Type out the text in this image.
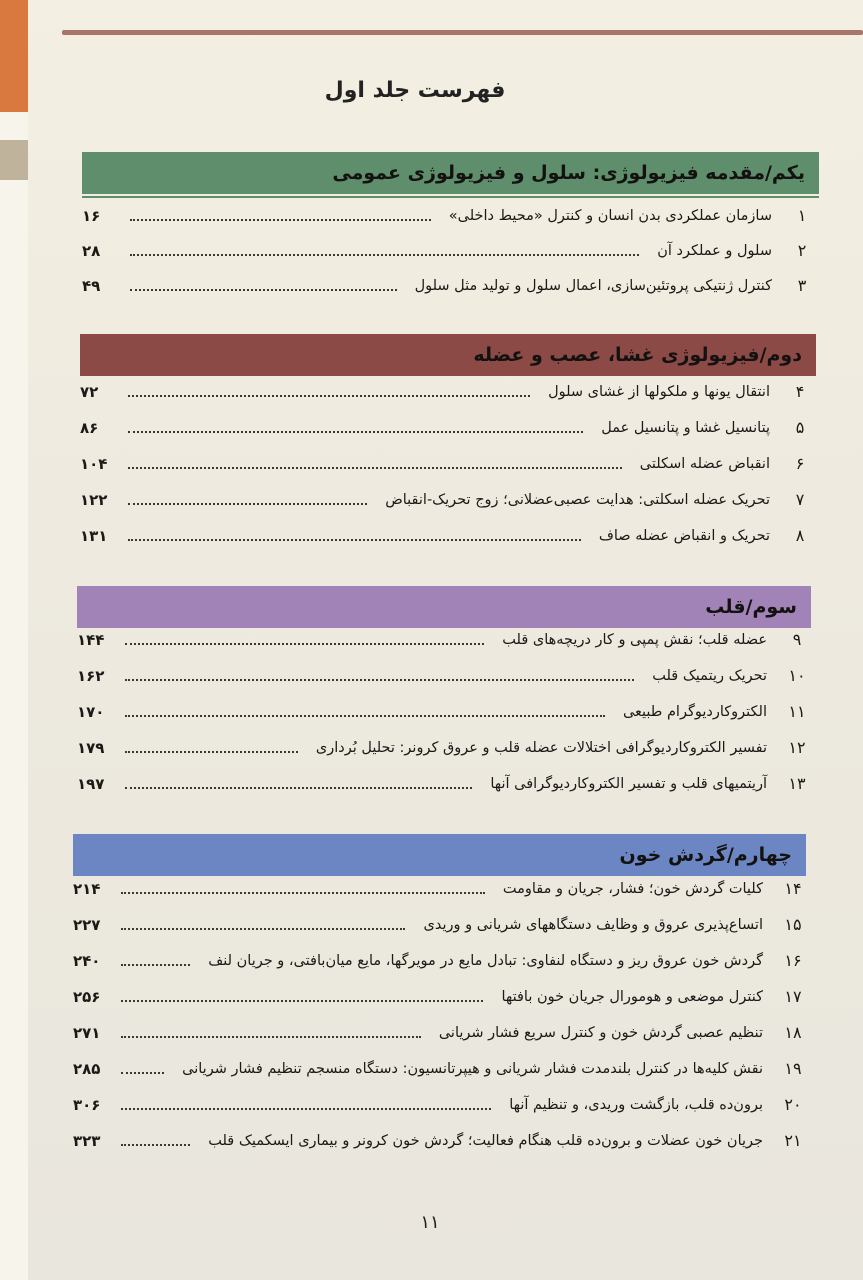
فهرست جلد اول
یکم/مقدمه فیزیولوژی: سلول و فیزیولوژی عمومی
۱
سازمان عملکردی بدن انسان و کنترل «محیط داخلی»
۱۶
۲
سلول و عملکرد آن
۲۸
۳
کنترل ژنتیکی پروتئین‌سازی، اعمال سلول و تولید مثل سلول
۴۹
دوم/فیزیولوژی غشا، عصب و عضله
۴
انتقال یونها و ملکولها از غشای سلول
۷۲
۵
پتانسیل غشا و پتانسیل عمل
۸۶
۶
انقباض عضله اسکلتی
۱۰۴
۷
تحریک عضله اسکلتی: هدایت عصبی‌عضلانی؛ زوج تحریک-انقباض
۱۲۲
۸
تحریک و انقباض عضله صاف
۱۳۱
سوم/قلب
۹
عضله قلب؛ نقش پمپی و کار دریچه‌های قلب
۱۴۴
۱۰
تحریک ریتمیک قلب
۱۶۲
۱۱
الکتروکاردیوگرام طبیعی
۱۷۰
۱۲
تفسیر الکتروکاردیوگرافی اختلالات عضله قلب و عروق کرونر: تحلیل بُرداری
۱۷۹
۱۳
آریتمیهای قلب و تفسیر الکتروکاردیوگرافی آنها
۱۹۷
چهارم/گردش خون
۱۴
کلیات گردش خون؛ فشار، جریان و مقاومت
۲۱۴
۱۵
اتساع‌پذیری عروق و وظایف دستگاههای شریانی و وریدی
۲۲۷
۱۶
گردش خون عروق ریز و دستگاه لنفاوی: تبادل مایع در مویرگها، مایع میان‌بافتی، و جریان لنف
۲۴۰
۱۷
کنترل موضعی و هومورال جریان خون بافتها
۲۵۶
۱۸
تنظیم عصبی گردش خون و کنترل سریع فشار شریانی
۲۷۱
۱۹
نقش کلیه‌ها در کنترل بلندمدت فشار شریانی و هیپرتانسیون: دستگاه منسجم تنظیم فشار شریانی
۲۸۵
۲۰
برون‌ده قلب، بازگشت وریدی، و تنظیم آنها
۳۰۶
۲۱
جریان خون عضلات و برون‌ده قلب هنگام فعالیت؛ گردش خون کرونر و بیماری ایسکمیک قلب
۳۲۳
۱۱
